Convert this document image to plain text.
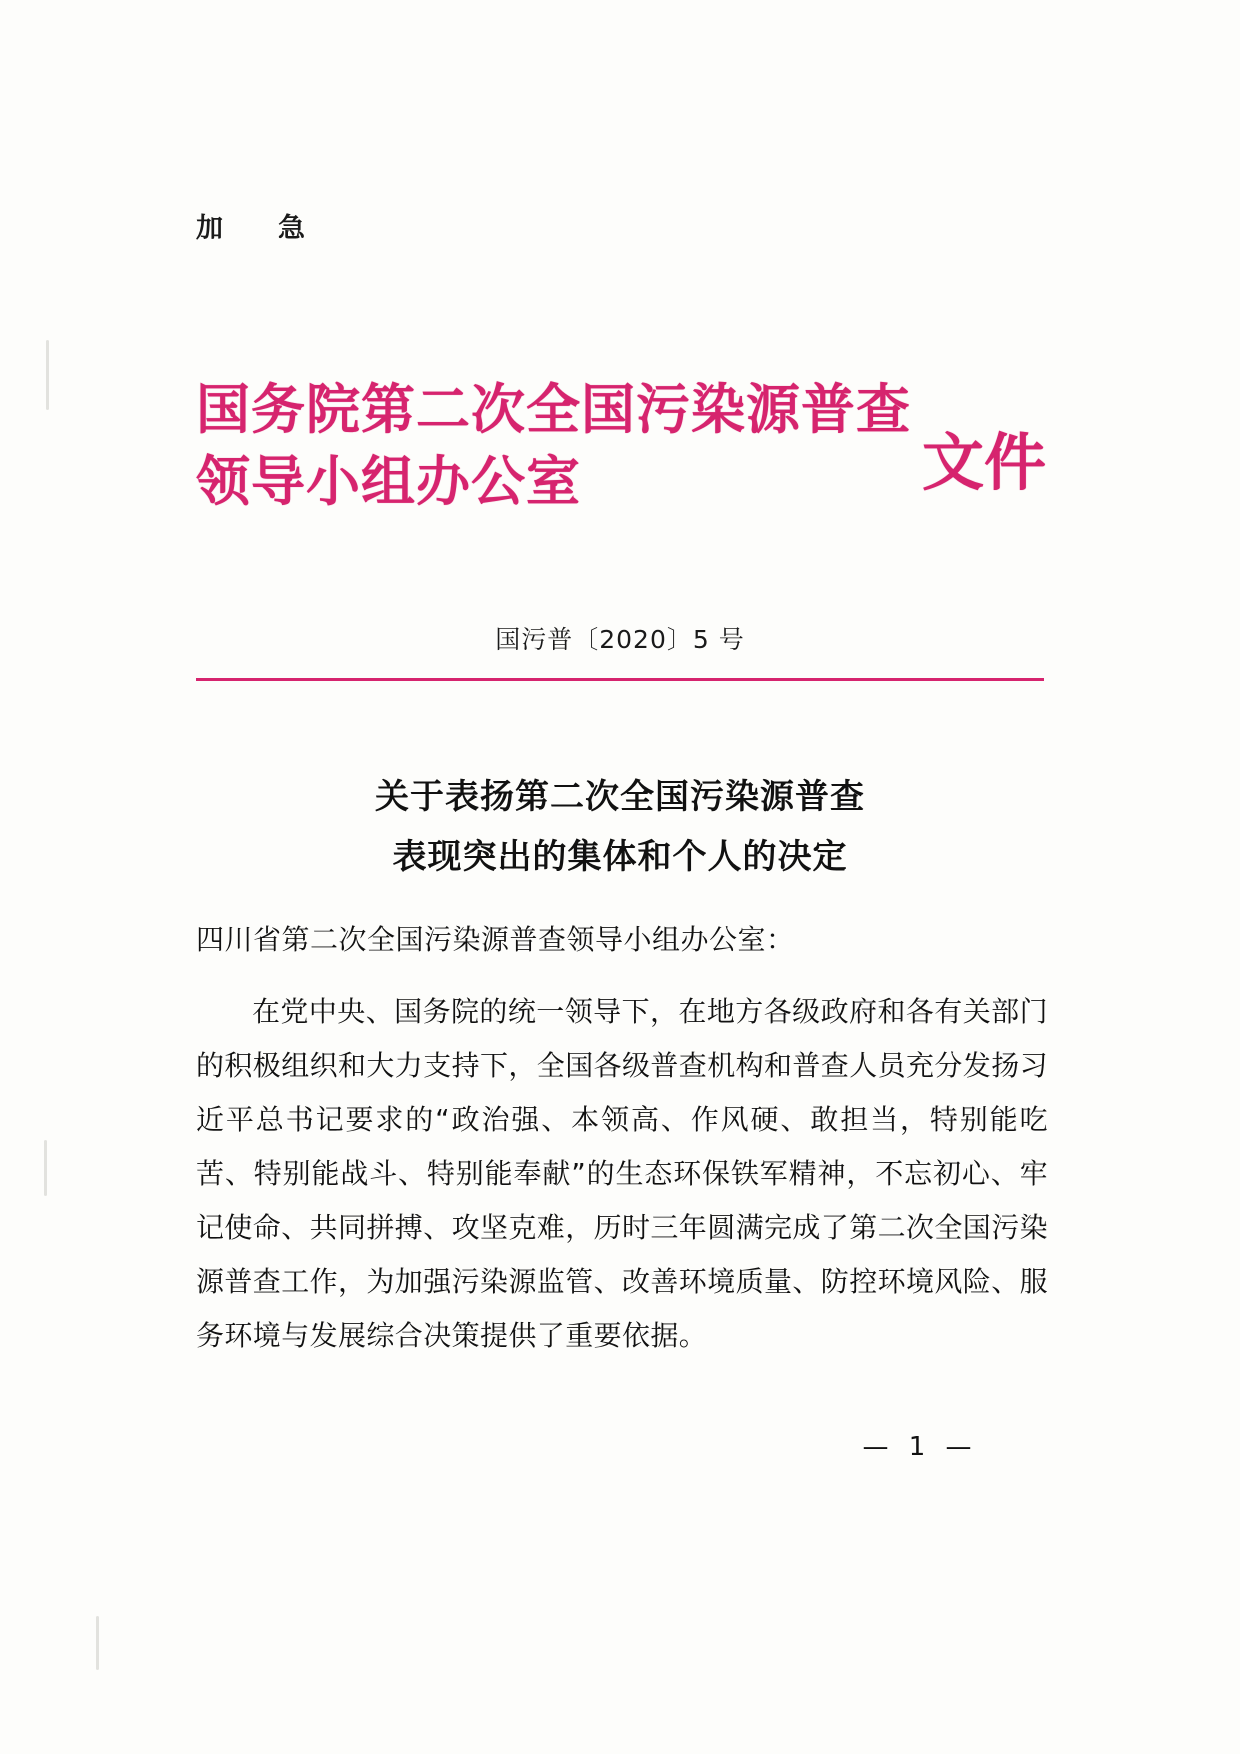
加　急
国务院第二次全国污染源普查
领导小组办公室	文件
国污普〔2020〕5 号
关于表扬第二次全国污染源普查
表现突出的集体和个人的决定
四川省第二次全国污染源普查领导小组办公室：

在党中央、国务院的统一领导下，在地方各级政府和各有关部门的积极组织和大力支持下，全国各级普查机构和普查人员充分发扬习近平总书记要求的“政治强、本领高、作风硬、敢担当，特别能吃苦、特别能战斗、特别能奉献”的生态环保铁军精神，不忘初心、牢记使命、共同拼搏、攻坚克难，历时三年圆满完成了第二次全国污染源普查工作，为加强污染源监管、改善环境质量、防控环境风险、服务环境与发展综合决策提供了重要依据。

— 1 —
